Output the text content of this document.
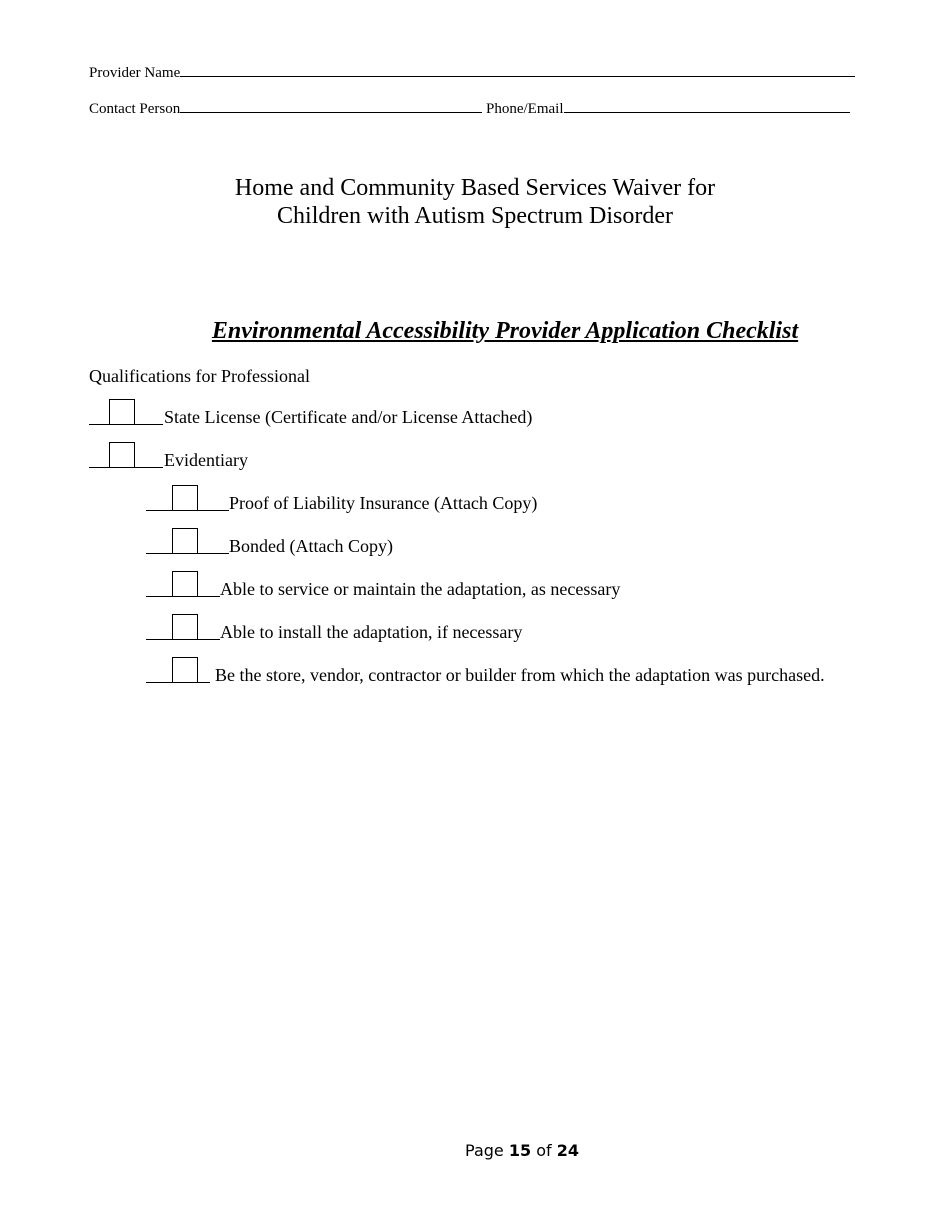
Provider Name
Contact Person	Phone/Email
Home and Community Based Services Waiver for
Children with Autism Spectrum Disorder
Environmental Accessibility Provider Application Checklist
Qualifications for Professional
State License (Certificate and/or License Attached)
Evidentiary
Proof of Liability Insurance (Attach Copy)
Bonded (Attach Copy)
Able to service or maintain the adaptation, as necessary
Able to install the adaptation, if necessary
Be the store, vendor, contractor or builder from which the adaptation was purchased.
Page 15 of 24
